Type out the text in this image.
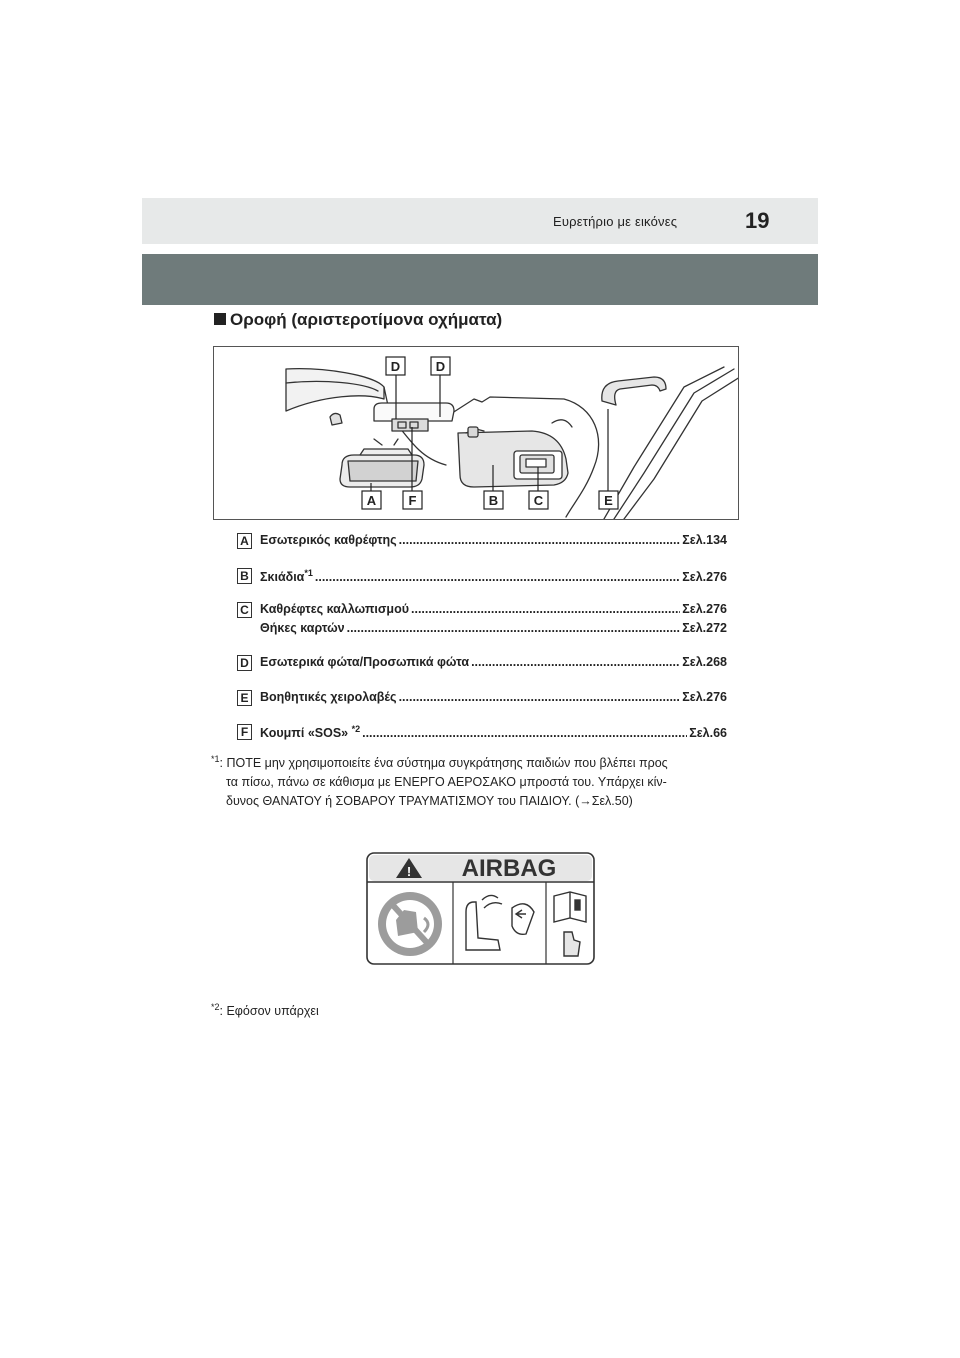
Ευρετήριο με εικόνες	19
Οροφή (αριστεροτίμονα οχήματα)
D	D
A F	B	C	E
A Εσωτερικός καθρέφτης .....	Σελ.134
B Σκιάδια$^{*1}$ .....	Σελ.276
C Καθρέφτες καλλωπισμού .....	Σελ.276
Θήκες καρτών .....	Σελ.272
D Εσωτερικά φώτα/Προσωπικά φώτα .....	Σελ.268
E Βοηθητικές χειρολαβές .....	Σελ.276
F Κουμπί «SOS» $^{*2}$ .....	Σελ.66
$^{*1}$: ΠΟΤΕ μην χρησιμοποιείτε ένα σύστημα συγκράτησης παιδιών που βλέπει προς
τα πίσω, πάνω σε κάθισμα με ΕΝΕΡΓΟ ΑΕΡΟΣΑΚΟ μπροστά του. Υπάρχει κίν-
δυνος ΘΑΝΑΤΟΥ ή ΣΟΒΑΡΟΥ ΤΡΑΥΜΑΤΙΣΜΟΥ του ΠΑΙΔΙΟΥ. (→Σελ.50)
! AIRBAG
$^{*2}$: Εφόσον υπάρχει
